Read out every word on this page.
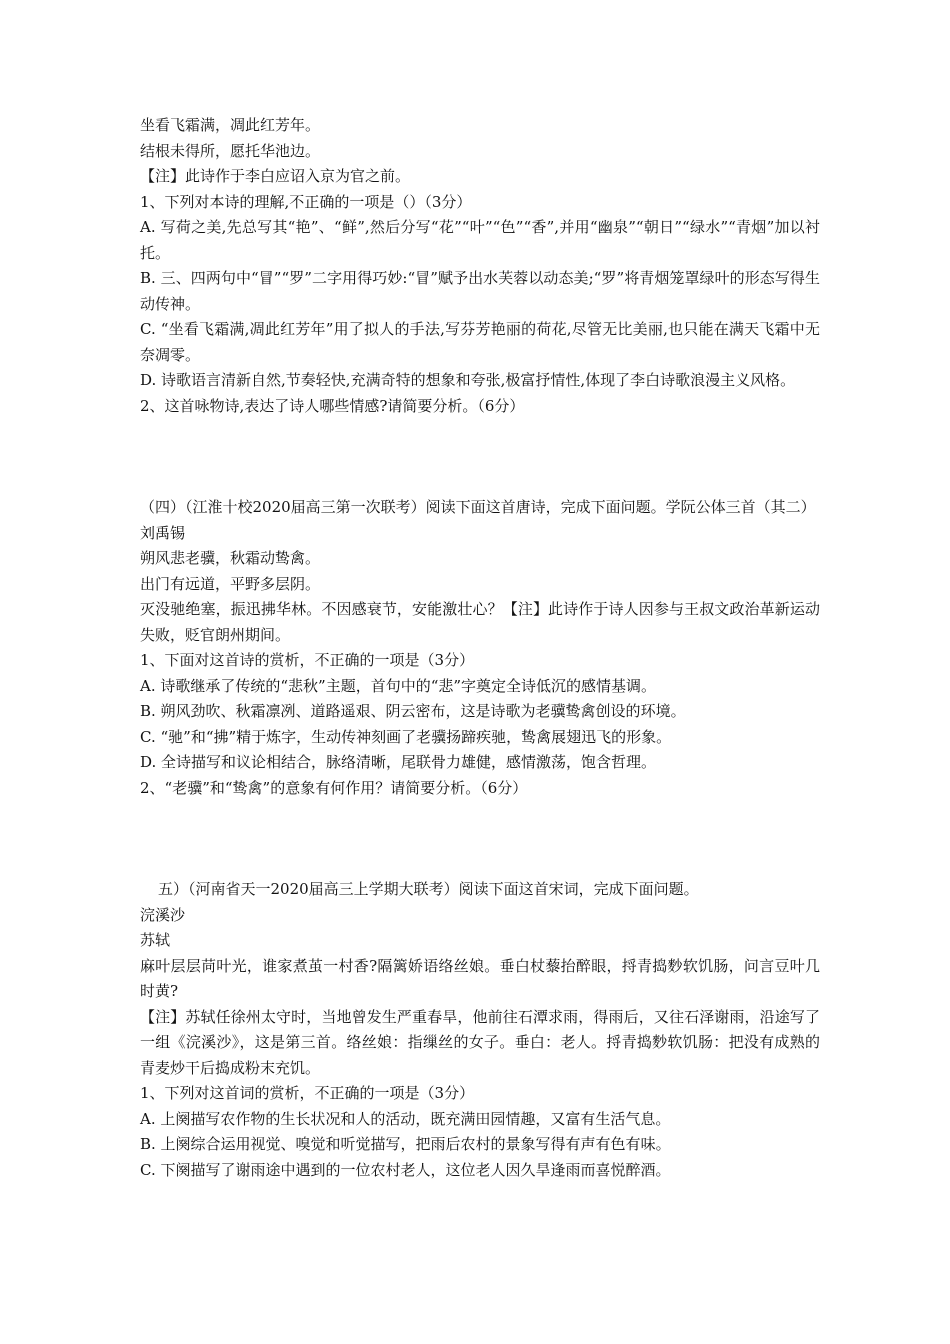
坐看飞霜满，凋此红芳年。

结根未得所，愿托华池边。

【注】此诗作于李白应诏入京为官之前。

1、下列对本诗的理解,不正确的一项是（）（3分）

A. 写荷之美,先总写其“艳”、“鲜”,然后分写“花”“叶”“色”“香”,并用“幽泉”“朝日”“绿水”“青烟”加以衬托。

B. 三、四两句中“冒”“罗”二字用得巧妙:“冒”赋予出水芙蓉以动态美;“罗”将青烟笼罩绿叶的形态写得生动传神。

C. “坐看飞霜满,凋此红芳年”用了拟人的手法,写芬芳艳丽的荷花,尽管无比美丽,也只能在满天飞霜中无奈凋零。

D. 诗歌语言清新自然,节奏轻快,充满奇特的想象和夸张,极富抒情性,体现了李白诗歌浪漫主义风格。

2、这首咏物诗,表达了诗人哪些情感?请简要分析。（6分）

（四）（江淮十校2020届高三第一次联考）阅读下面这首唐诗，完成下面问题。学阮公体三首（其二）

刘禹锡

朔风悲老骥，秋霜动鸷禽。

出门有远道，平野多层阴。

灭没驰绝塞，振迅拂华林。不因感衰节，安能激壮心？【注】此诗作于诗人因参与王叔文政治革新运动失败，贬官朗州期间。

1、下面对这首诗的赏析，不正确的一项是（3分）

A. 诗歌继承了传统的“悲秋”主题，首句中的“悲”字奠定全诗低沉的感情基调。

B. 朔风劲吹、秋霜凛冽、道路遥艰、阴云密布，这是诗歌为老骥鸷禽创设的环境。

C. “驰”和“拂”精于炼字，生动传神刻画了老骥扬蹄疾驰，鸷禽展翅迅飞的形象。

D. 全诗描写和议论相结合，脉络清晰，尾联骨力雄健，感情激荡，饱含哲理。

2、“老骥”和“鸷禽”的意象有何作用？请简要分析。（6分）

五）（河南省天一2020届高三上学期大联考）阅读下面这首宋词，完成下面问题。

浣溪沙

苏轼

麻叶层层苘叶光，谁家煮茧一村香?隔篱娇语络丝娘。垂白杖藜抬醉眼，捋青捣麨软饥肠，问言豆叶几时黄?

【注】苏轼任徐州太守时，当地曾发生严重春旱，他前往石潭求雨，得雨后，又往石泽谢雨，沿途写了一组《浣溪沙》，这是第三首。络丝娘：指缫丝的女子。垂白：老人。捋青捣麨软饥肠：把没有成熟的青麦炒干后捣成粉末充饥。

1、下列对这首词的赏析，不正确的一项是（3分）

A. 上阕描写农作物的生长状况和人的活动，既充满田园情趣，又富有生活气息。

B. 上阕综合运用视觉、嗅觉和听觉描写，把雨后农村的景象写得有声有色有味。

C. 下阕描写了谢雨途中遇到的一位农村老人，这位老人因久旱逢雨而喜悦醉酒。
